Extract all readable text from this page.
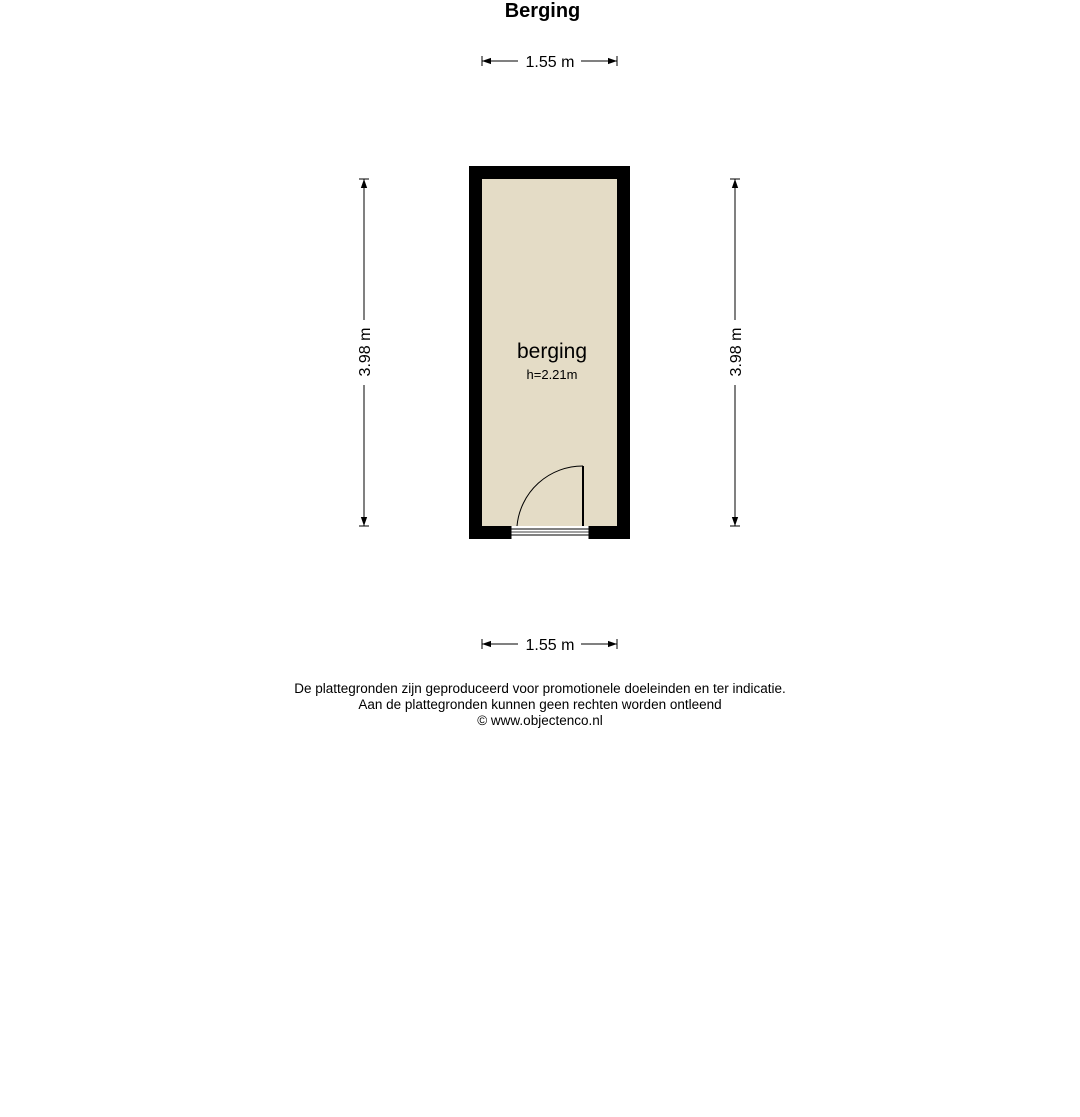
Berging
1.55 m
1.55 m
3.98 m	3.98 m
berging
h=2.21m
De plattegronden zijn geproduceerd voor promotionele doeleinden en ter indicatie.
Aan de plattegronden kunnen geen rechten worden ontleend
© www.objectenco.nl
